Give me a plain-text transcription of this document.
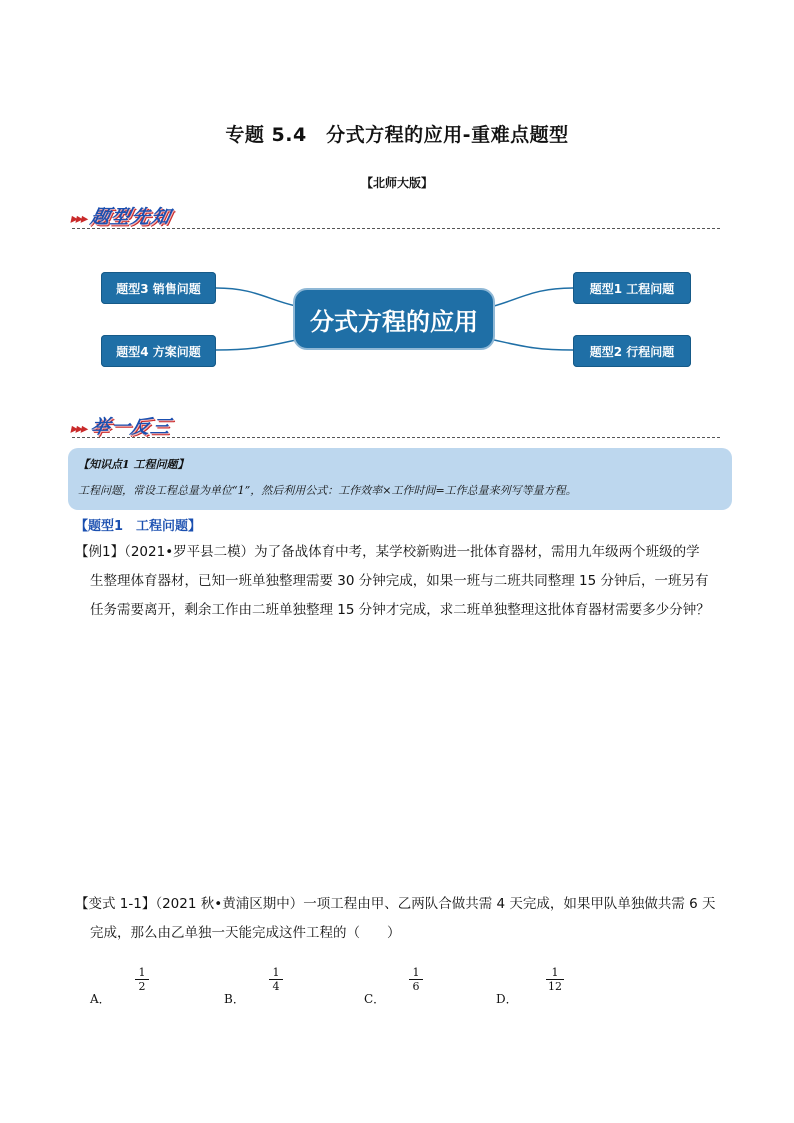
专题 5.4　分式方程的应用-重难点题型
【北师大版】
▸▸▸题型先知
题型3 销售问题
题型4 方案问题
题型1 工程问题
题型2 行程问题
分式方程的应用
▸▸▸举一反三
【知识点1 工程问题】
工程问题，常设工程总量为单位“1”，然后利用公式：工作效率×工作时间=工作总量来列写等量方程。
【题型1　工程问题】
【例1】（2021•罗平县二模）为了备战体育中考，某学校新购进一批体育器材，需用九年级两个班级的学
生整理体育器材，已知一班单独整理需要 30 分钟完成，如果一班与二班共同整理 15 分钟后，一班另有
任务需要离开，剩余工作由二班单独整理 15 分钟才完成，求二班单独整理这批体育器材需要多少分钟？
【变式 1-1】（2021 秋•黄浦区期中）一项工程由甲、乙两队合做共需 4 天完成，如果甲队单独做共需 6 天
完成，那么由乙单独一天能完成这件工程的（　　）
A．
$\frac{1}{2}$
B．
$\frac{1}{4}$
C．
$\frac{1}{6}$
D．
$\frac{1}{12}$
